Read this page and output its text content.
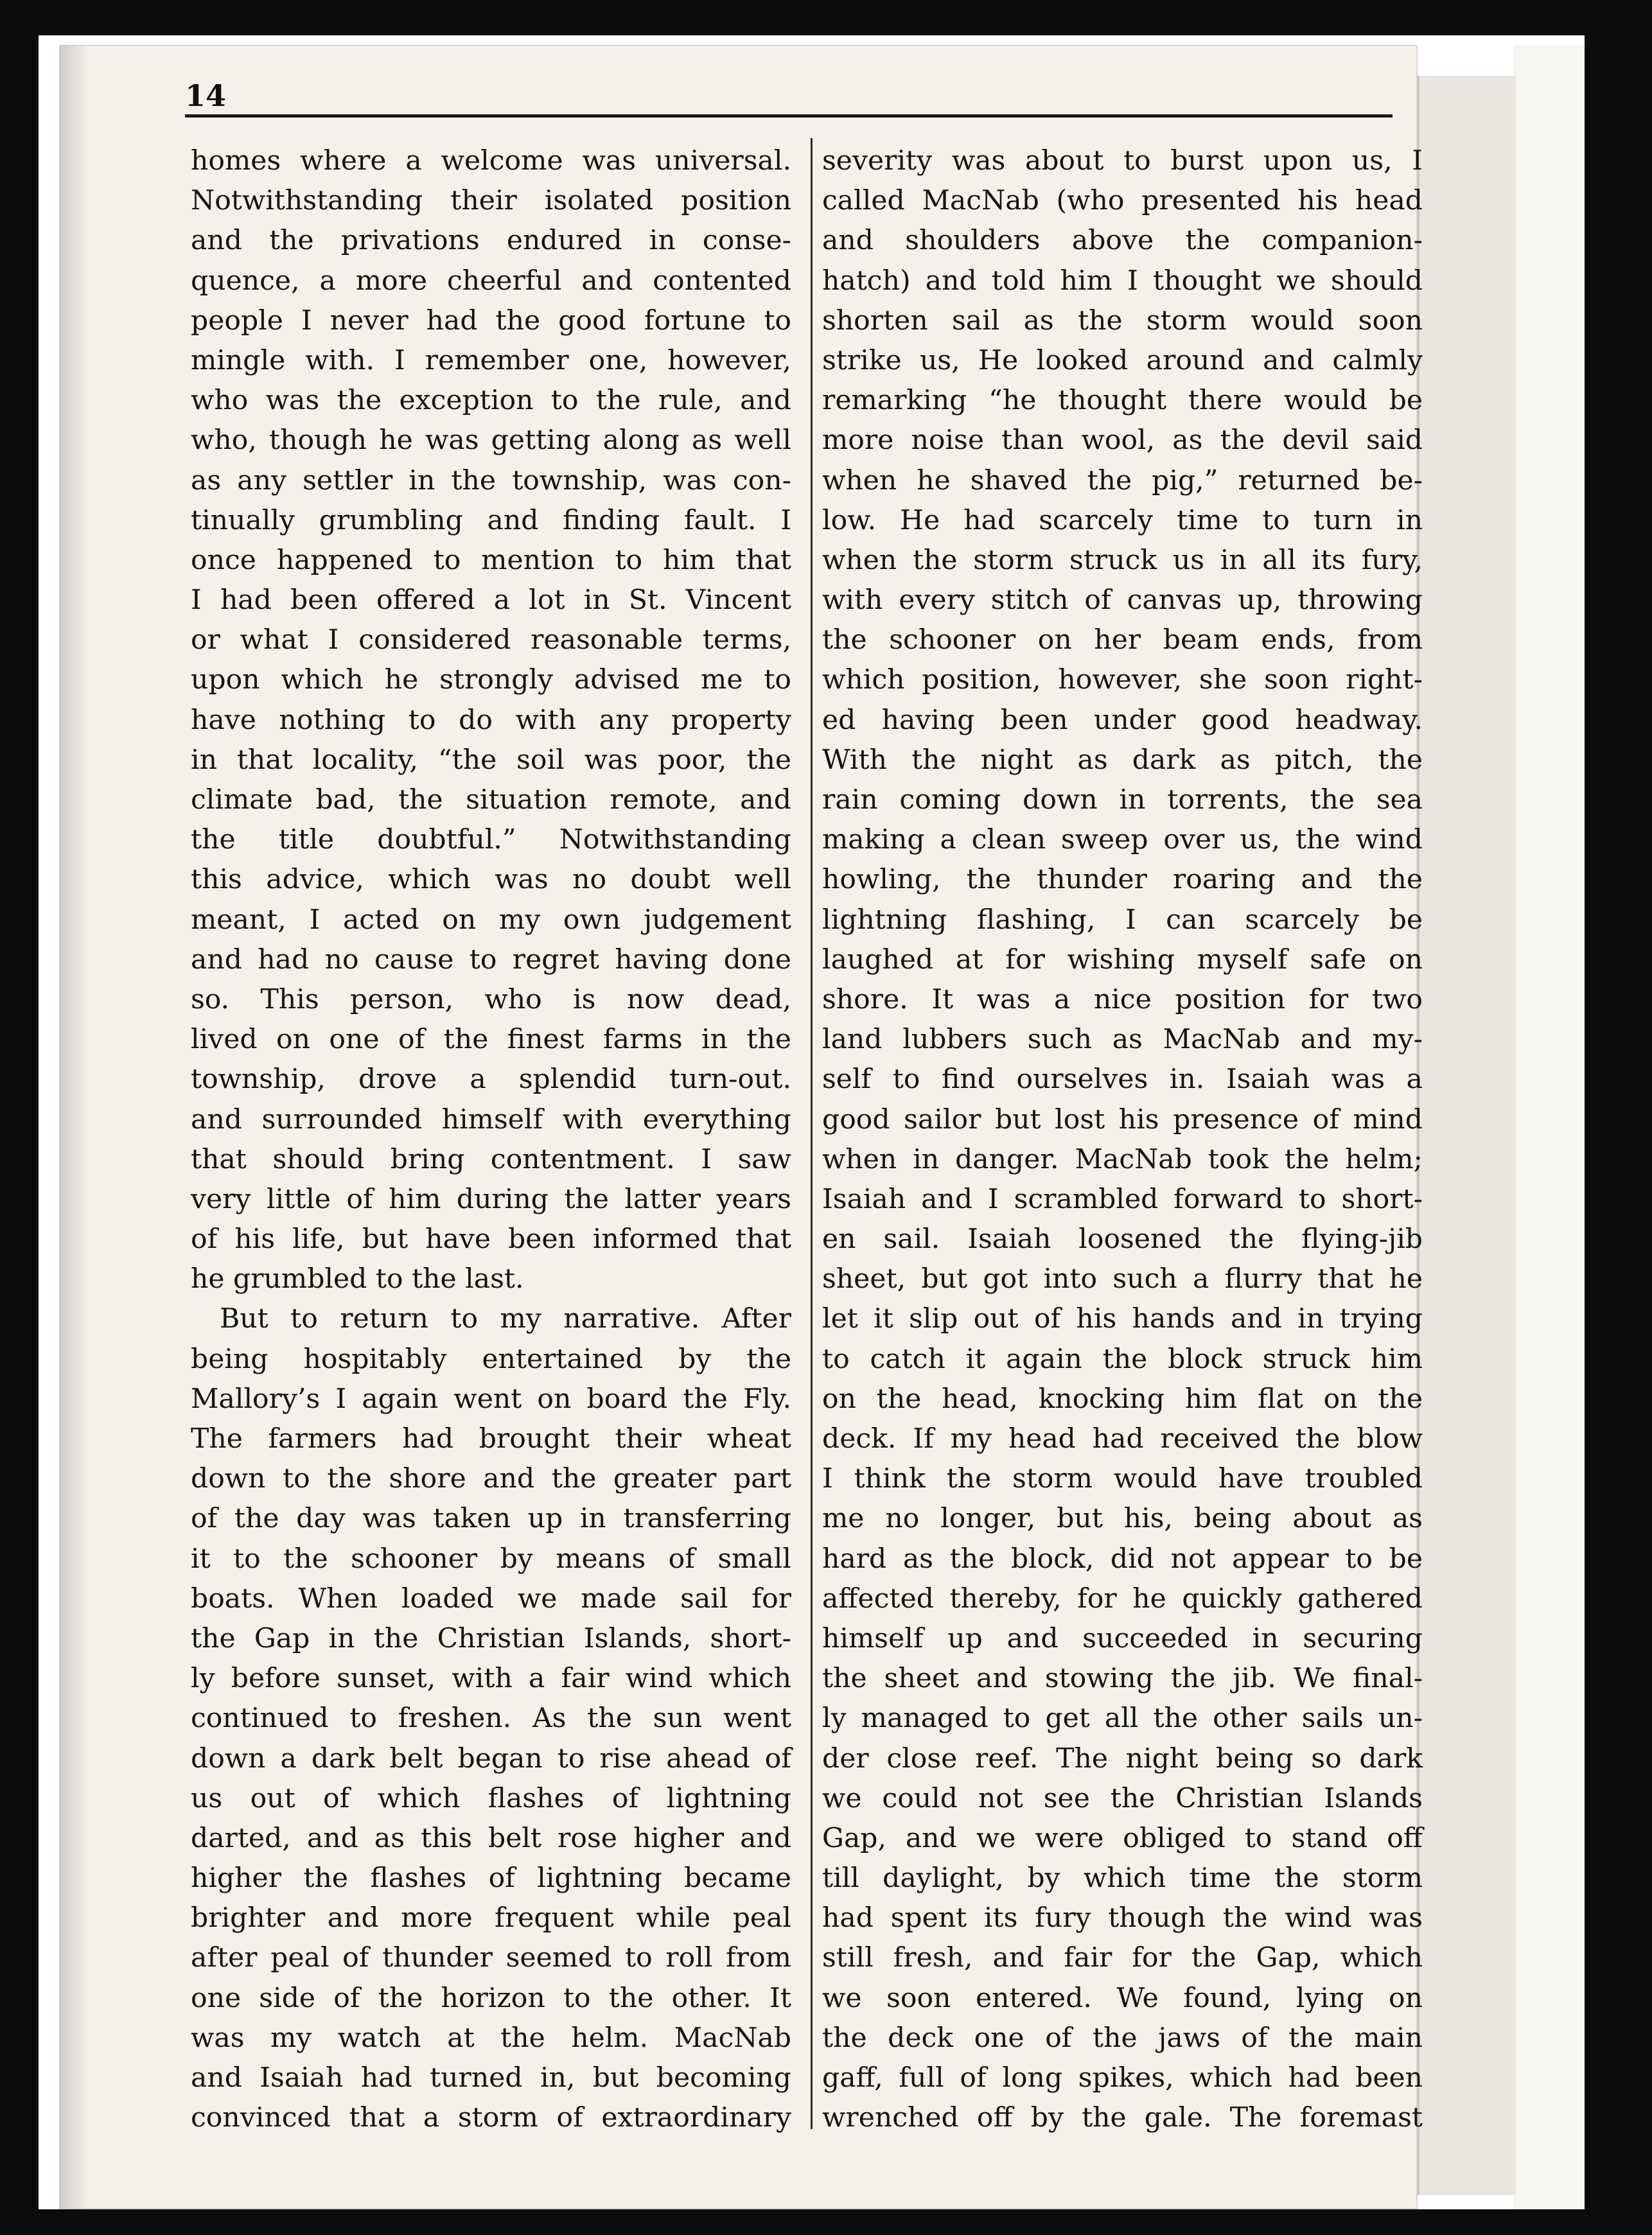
14
homes where a welcome was universal.
Notwithstanding their isolated position
and the privations endured in conse-
quence, a more cheerful and contented
people I never had the good fortune to
mingle with. I remember one, however,
who was the exception to the rule, and
who, though he was getting along as well
as any settler in the township, was con-
tinually grumbling and finding fault. I
once happened to mention to him that
I had been offered a lot in St. Vincent
or what I considered reasonable terms,
upon which he strongly advised me to
have nothing to do with any property
in that locality, “the soil was poor, the
climate bad, the situation remote, and
the title doubtful.” Notwithstanding
this advice, which was no doubt well
meant, I acted on my own judgement
and had no cause to regret having done
so. This person, who is now dead,
lived on one of the finest farms in the
township, drove a splendid turn-out.
and surrounded himself with everything
that should bring contentment. I saw
very little of him during the latter years
of his life, but have been informed that
he grumbled to the last.
But to return to my narrative. After
being hospitably entertained by the
Mallory’s I again went on board the Fly.
The farmers had brought their wheat
down to the shore and the greater part
of the day was taken up in transferring
it to the schooner by means of small
boats. When loaded we made sail for
the Gap in the Christian Islands, short-
ly before sunset, with a fair wind which
continued to freshen. As the sun went
down a dark belt began to rise ahead of
us out of which flashes of lightning
darted, and as this belt rose higher and
higher the flashes of lightning became
brighter and more frequent while peal
after peal of thunder seemed to roll from
one side of the horizon to the other. It
was my watch at the helm. MacNab
and Isaiah had turned in, but becoming
convinced that a storm of extraordinary
severity was about to burst upon us, I
called MacNab (who presented his head
and shoulders above the companion-
hatch) and told him I thought we should
shorten sail as the storm would soon
strike us, He looked around and calmly
remarking “he thought there would be
more noise than wool, as the devil said
when he shaved the pig,” returned be-
low. He had scarcely time to turn in
when the storm struck us in all its fury,
with every stitch of canvas up, throwing
the schooner on her beam ends, from
which position, however, she soon right-
ed having been under good headway.
With the night as dark as pitch, the
rain coming down in torrents, the sea
making a clean sweep over us, the wind
howling, the thunder roaring and the
lightning flashing, I can scarcely be
laughed at for wishing myself safe on
shore. It was a nice position for two
land lubbers such as MacNab and my-
self to find ourselves in. Isaiah was a
good sailor but lost his presence of mind
when in danger. MacNab took the helm;
Isaiah and I scrambled forward to short-
en sail. Isaiah loosened the flying-jib
sheet, but got into such a flurry that he
let it slip out of his hands and in trying
to catch it again the block struck him
on the head, knocking him flat on the
deck. If my head had received the blow
I think the storm would have troubled
me no longer, but his, being about as
hard as the block, did not appear to be
affected thereby, for he quickly gathered
himself up and succeeded in securing
the sheet and stowing the jib. We final-
ly managed to get all the other sails un-
der close reef. The night being so dark
we could not see the Christian Islands
Gap, and we were obliged to stand off
till daylight, by which time the storm
had spent its fury though the wind was
still fresh, and fair for the Gap, which
we soon entered. We found, lying on
the deck one of the jaws of the main
gaff, full of long spikes, which had been
wrenched off by the gale. The foremast
